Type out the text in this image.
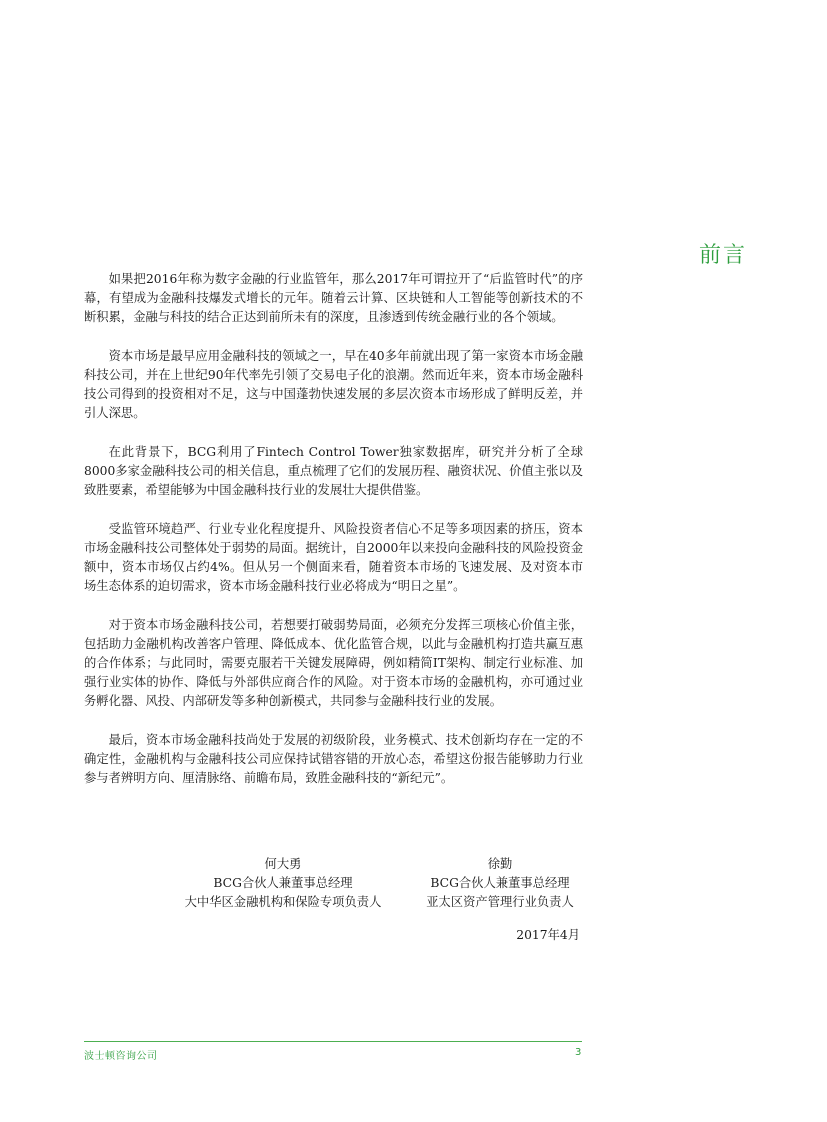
前言

如果把2016年称为数字金融的行业监管年，那么2017年可谓拉开了“后监管时代”的序幕，有望成为金融科技爆发式增长的元年。随着云计算、区块链和人工智能等创新技术的不断积累，金融与科技的结合正达到前所未有的深度，且渗透到传统金融行业的各个领域。

资本市场是最早应用金融科技的领域之一，早在40多年前就出现了第一家资本市场金融科技公司，并在上世纪90年代率先引领了交易电子化的浪潮。然而近年来，资本市场金融科技公司得到的投资相对不足，这与中国蓬勃快速发展的多层次资本市场形成了鲜明反差，并引人深思。

在此背景下，BCG利用了Fintech Control Tower独家数据库，研究并分析了全球8000多家金融科技公司的相关信息，重点梳理了它们的发展历程、融资状况、价值主张以及致胜要素，希望能够为中国金融科技行业的发展壮大提供借鉴。

受监管环境趋严、行业专业化程度提升、风险投资者信心不足等多项因素的挤压，资本市场金融科技公司整体处于弱势的局面。据统计，自2000年以来投向金融科技的风险投资金额中，资本市场仅占约4%。但从另一个侧面来看，随着资本市场的飞速发展、及对资本市场生态体系的迫切需求，资本市场金融科技行业必将成为“明日之星”。

对于资本市场金融科技公司，若想要打破弱势局面，必须充分发挥三项核心价值主张，包括助力金融机构改善客户管理、降低成本、优化监管合规，以此与金融机构打造共赢互惠的合作体系；与此同时，需要克服若干关键发展障碍，例如精简IT架构、制定行业标准、加强行业实体的协作、降低与外部供应商合作的风险。对于资本市场的金融机构，亦可通过业务孵化器、风投、内部研发等多种创新模式，共同参与金融科技行业的发展。

最后，资本市场金融科技尚处于发展的初级阶段，业务模式、技术创新均存在一定的不确定性，金融机构与金融科技公司应保持试错容错的开放心态，希望这份报告能够助力行业参与者辨明方向、厘清脉络、前瞻布局，致胜金融科技的“新纪元”。

何大勇
BCG合伙人兼董事总经理
大中华区金融机构和保险专项负责人
徐勤
BCG合伙人兼董事总经理
亚太区资产管理行业负责人
2017年4月
波士顿咨询公司	3
